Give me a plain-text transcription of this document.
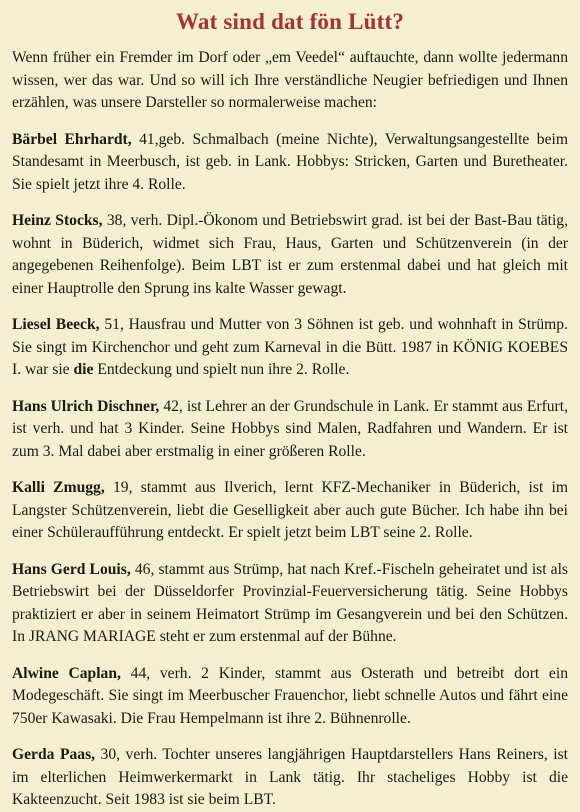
Wat sind dat fön Lütt?

Wenn früher ein Fremder im Dorf oder „em Veedel“ auftauchte, dann wollte jedermann wissen, wer das war. Und so will ich Ihre verständliche Neugier befriedigen und Ihnen erzählen, was unsere Darsteller so normalerweise machen:

Bärbel Ehrhardt, 41,geb. Schmalbach (meine Nichte), Verwaltungsangestellte beim Standesamt in Meerbusch, ist geb. in Lank. Hobbys: Stricken, Garten und Buretheater. Sie spielt jetzt ihre 4. Rolle.

Heinz Stocks, 38, verh. Dipl.-Ökonom und Betriebswirt grad. ist bei der Bast-Bau tätig, wohnt in Büderich, widmet sich Frau, Haus, Garten und Schützenverein (in der angegebenen Reihenfolge). Beim LBT ist er zum erstenmal dabei und hat gleich mit einer Hauptrolle den Sprung ins kalte Wasser gewagt.

Liesel Beeck, 51, Hausfrau und Mutter von 3 Söhnen ist geb. und wohnhaft in Strümp. Sie singt im Kirchenchor und geht zum Karneval in die Bütt. 1987 in KÖNIG KOEBES I. war sie die Entdeckung und spielt nun ihre 2. Rolle.

Hans Ulrich Dischner, 42, ist Lehrer an der Grundschule in Lank. Er stammt aus Erfurt, ist verh. und hat 3 Kinder. Seine Hobbys sind Malen, Radfahren und Wandern. Er ist zum 3. Mal dabei aber erstmalig in einer größeren Rolle.

Kalli Zmugg, 19, stammt aus Ilverich, lernt KFZ-Mechaniker in Büderich, ist im Langster Schützenverein, liebt die Geselligkeit aber auch gute Bücher. Ich habe ihn bei einer Schüleraufführung entdeckt. Er spielt jetzt beim LBT seine 2. Rolle.

Hans Gerd Louis, 46, stammt aus Strümp, hat nach Kref.-Fischeln geheiratet und ist als Betriebswirt bei der Düsseldorfer Provinzial-Feuerversicherung tätig. Seine Hobbys praktiziert er aber in seinem Heimatort Strümp im Gesangverein und bei den Schützen. In JRANG MARIAGE steht er zum erstenmal auf der Bühne.

Alwine Caplan, 44, verh. 2 Kinder, stammt aus Osterath und betreibt dort ein Modegeschäft. Sie singt im Meerbuscher Frauenchor, liebt schnelle Autos und fährt eine 750er Kawasaki. Die Frau Hempelmann ist ihre 2. Bühnenrolle.

Gerda Paas, 30, verh. Tochter unseres langjährigen Hauptdarstellers Hans Reiners, ist im elterlichen Heimwerkermarkt in Lank tätig. Ihr stacheliges Hobby ist die Kakteenzucht. Seit 1983 ist sie beim LBT.
